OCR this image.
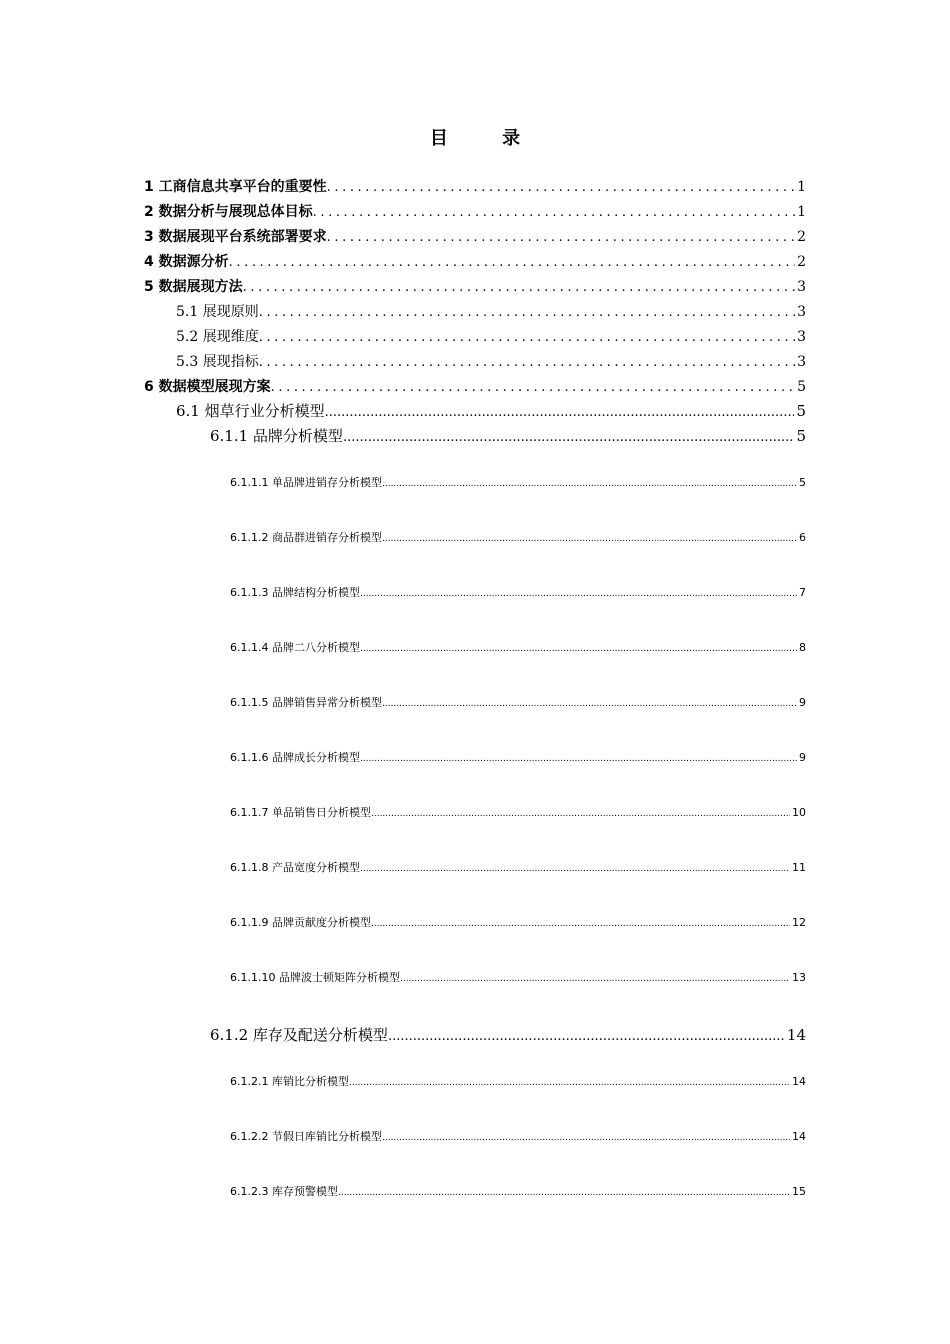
目 录
1 工商信息共享平台的重要性 .....	1
2 数据分析与展现总体目标 .....	1
3 数据展现平台系统部署要求 .....	2
4 数据源分析 .....	2
5 数据展现方法 .....	3
5.1 展现原则 .....	3
5.2 展现维度 .....	3
5.3 展现指标 .....	3
6 数据模型展现方案 .....	5
6.1 烟草行业分析模型 .....	5
6.1.1 品牌分析模型 .....	5
6.1.1.1 单品牌进销存分析模型 .....	5
6.1.1.2 商品群进销存分析模型 .....	6
6.1.1.3 品牌结构分析模型 .....	7
6.1.1.4 品牌二八分析模型 .....	8
6.1.1.5 品牌销售异常分析模型 .....	9
6.1.1.6 品牌成长分析模型 .....	9
6.1.1.7 单品销售日分析模型 .....	10
6.1.1.8 产品宽度分析模型 .....	11
6.1.1.9 品牌贡献度分析模型 .....	12
6.1.1.10 品牌波士顿矩阵分析模型 .....	13
6.1.2 库存及配送分析模型 .....	14
6.1.2.1 库销比分析模型 .....	14
6.1.2.2 节假日库销比分析模型 .....	14
6.1.2.3 库存预警模型 .....	15
